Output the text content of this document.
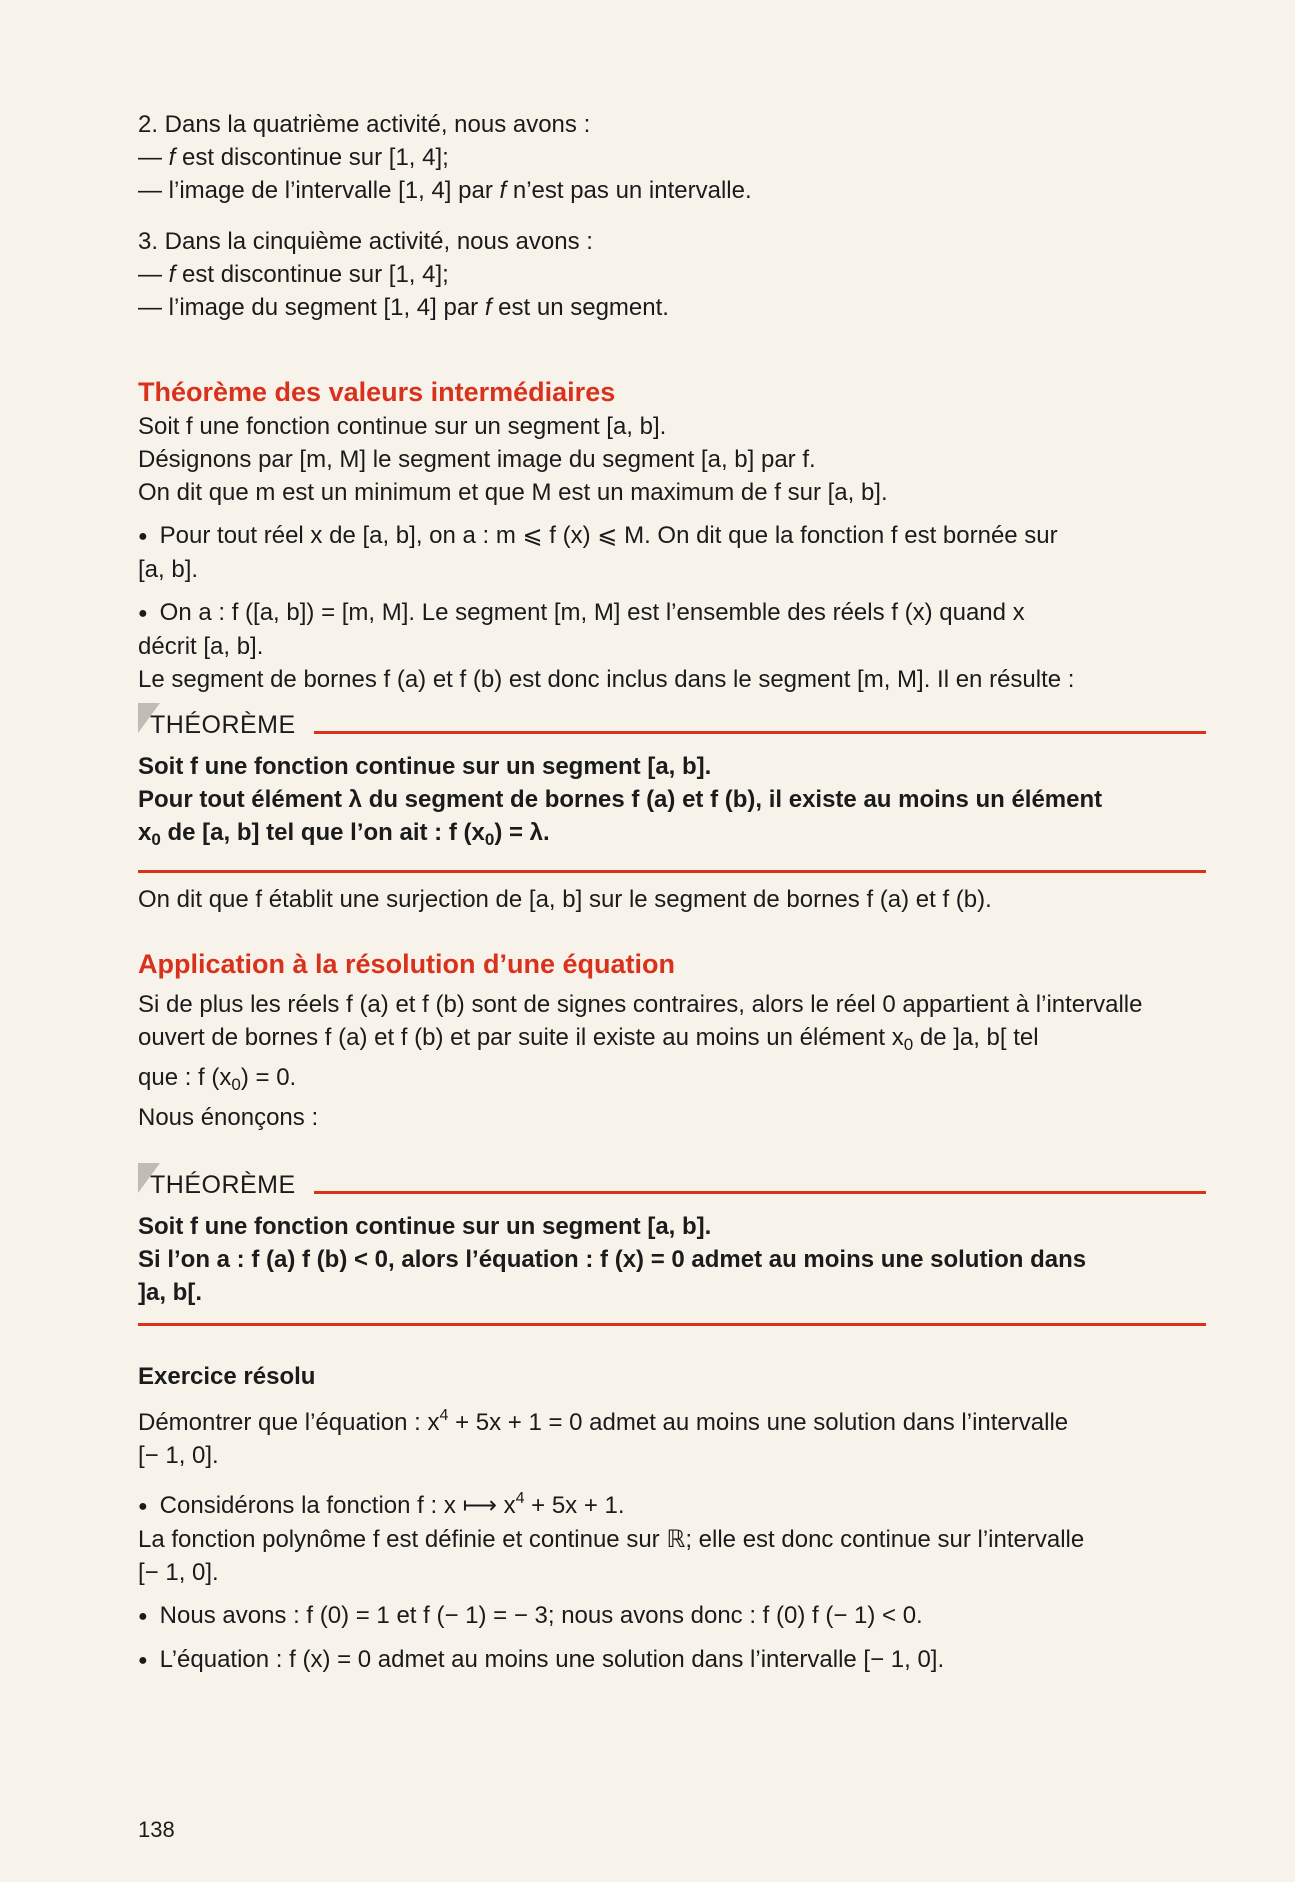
2. Dans la quatrième activité, nous avons :

— f est discontinue sur [1, 4];

— l’image de l’intervalle [1, 4] par f n’est pas un intervalle.

3. Dans la cinquième activité, nous avons :

— f est discontinue sur [1, 4];

— l’image du segment [1, 4] par f est un segment.

Théorème des valeurs intermédiaires

Soit f une fonction continue sur un segment [a, b].

Désignons par [m, M] le segment image du segment [a, b] par f.

On dit que m est un minimum et que M est un maximum de f sur [a, b].

● Pour tout réel x de [a, b], on a : m ⩽ f (x) ⩽ M. On dit que la fonction f est bornée sur

[a, b].

● On a : f ([a, b]) = [m, M]. Le segment [m, M] est l’ensemble des réels f (x) quand x

décrit [a, b].

Le segment de bornes f (a) et f (b) est donc inclus dans le segment [m, M]. Il en résulte :

THÉORÈME

Soit f une fonction continue sur un segment [a, b].

Pour tout élément λ du segment de bornes f (a) et f (b), il existe au moins un élément

$x_0$ de [a, b] tel que l’on ait : f $(x_0) = \lambda$.

On dit que f établit une surjection de [a, b] sur le segment de bornes f (a) et f (b).

Application à la résolution d’une équation

Si de plus les réels f (a) et f (b) sont de signes contraires, alors le réel 0 appartient à l’intervalle

ouvert de bornes f (a) et f (b) et par suite il existe au moins un élément $x_0$ de ]a, b[ tel

que : f $(x_0) = 0$.

Nous énonçons :

THÉORÈME

Soit f une fonction continue sur un segment [a, b].

Si l’on a : f (a) f (b) < 0, alors l’équation : f (x) = 0 admet au moins une solution dans

]a, b[.

Exercice résolu

Démontrer que l’équation : $x^4 + 5x + 1 = 0$ admet au moins une solution dans l’intervalle

[− 1, 0].

● Considérons la fonction f : x ⟼ $x^4 + 5x + 1$.

La fonction polynôme f est définie et continue sur ℝ; elle est donc continue sur l’intervalle

[− 1, 0].

● Nous avons : f (0) = 1 et f (− 1) = − 3; nous avons donc : f (0) f (− 1) < 0.

● L’équation : f (x) = 0 admet au moins une solution dans l’intervalle [− 1, 0].

138
